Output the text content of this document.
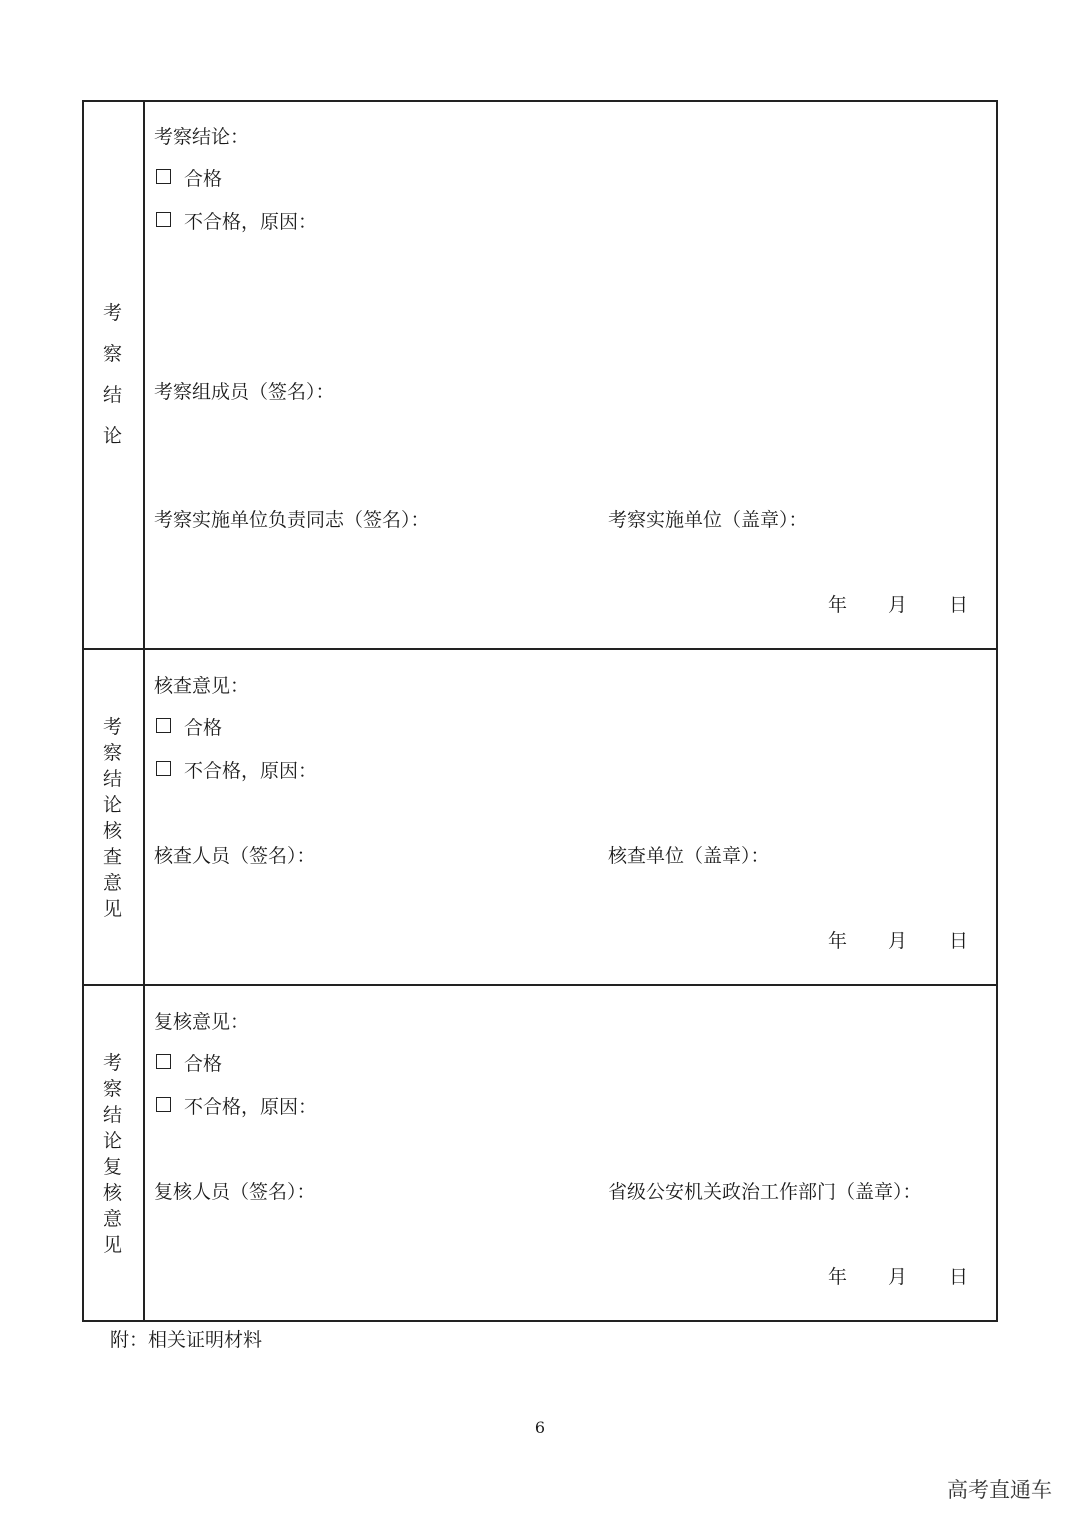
考
察
结
论
考察结论：
合格
不合格，原因：
考察组成员（签名）：
考察实施单位负责同志（签名）：	考察实施单位（盖章）：
年 月 日
考
察
结
论
核
查
意
见
核查意见：
合格
不合格，原因：
核查人员（签名）：	核查单位（盖章）：
年 月 日
考
察
结
论
复
核
意
见
复核意见：
合格
不合格，原因：
复核人员（签名）：	省级公安机关政治工作部门（盖章）：
年 月 日
附：相关证明材料
6
高考直通车
